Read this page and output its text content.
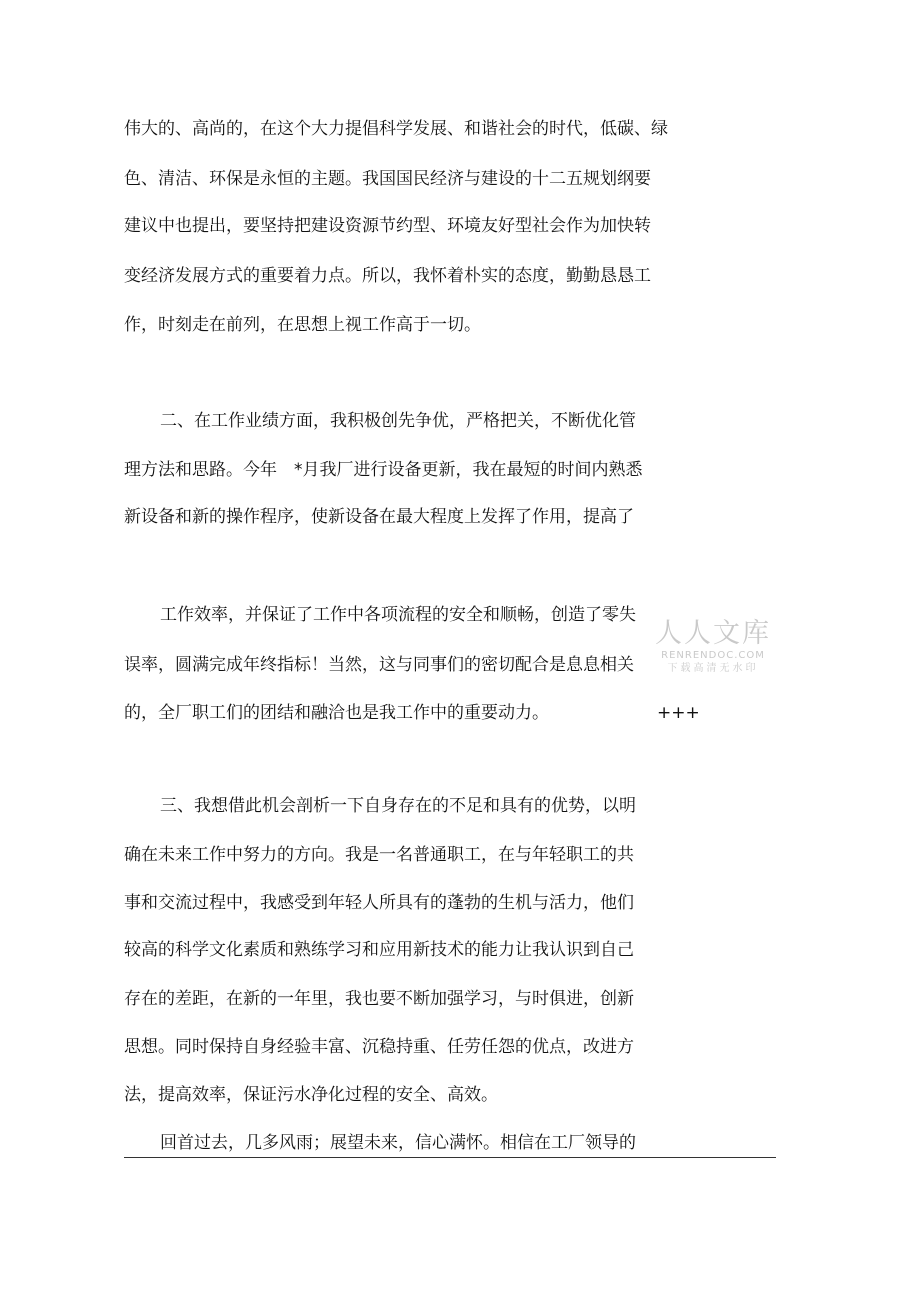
伟大的、高尚的，在这个大力提倡科学发展、和谐社会的时代，低碳、绿
色、清洁、环保是永恒的主题。我国国民经济与建设的十二五规划纲要
建议中也提出，要坚持把建设资源节约型、环境友好型社会作为加快转
变经济发展方式的重要着力点。所以，我怀着朴实的态度，勤勤恳恳工
作，时刻走在前列，在思想上视工作高于一切。
二、在工作业绩方面，我积极创先争优，严格把关，不断优化管
理方法和思路。今年　*月我厂进行设备更新，我在最短的时间内熟悉
新设备和新的操作程序，使新设备在最大程度上发挥了作用，提高了
工作效率，并保证了工作中各项流程的安全和顺畅，创造了零失
误率，圆满完成年终指标！当然，这与同事们的密切配合是息息相关
的，全厂职工们的团结和融洽也是我工作中的重要动力。	+++
三、我想借此机会剖析一下自身存在的不足和具有的优势，以明
确在未来工作中努力的方向。我是一名普通职工，在与年轻职工的共
事和交流过程中，我感受到年轻人所具有的蓬勃的生机与活力，他们
较高的科学文化素质和熟练学习和应用新技术的能力让我认识到自己
存在的差距，在新的一年里，我也要不断加强学习，与时俱进，创新
思想。同时保持自身经验丰富、沉稳持重、任劳任怨的优点，改进方
法，提高效率，保证污水净化过程的安全、高效。
回首过去，几多风雨；展望未来，信心满怀。相信在工厂领导的
人人文库
RENRENDOC.COM
下载高清无水印
